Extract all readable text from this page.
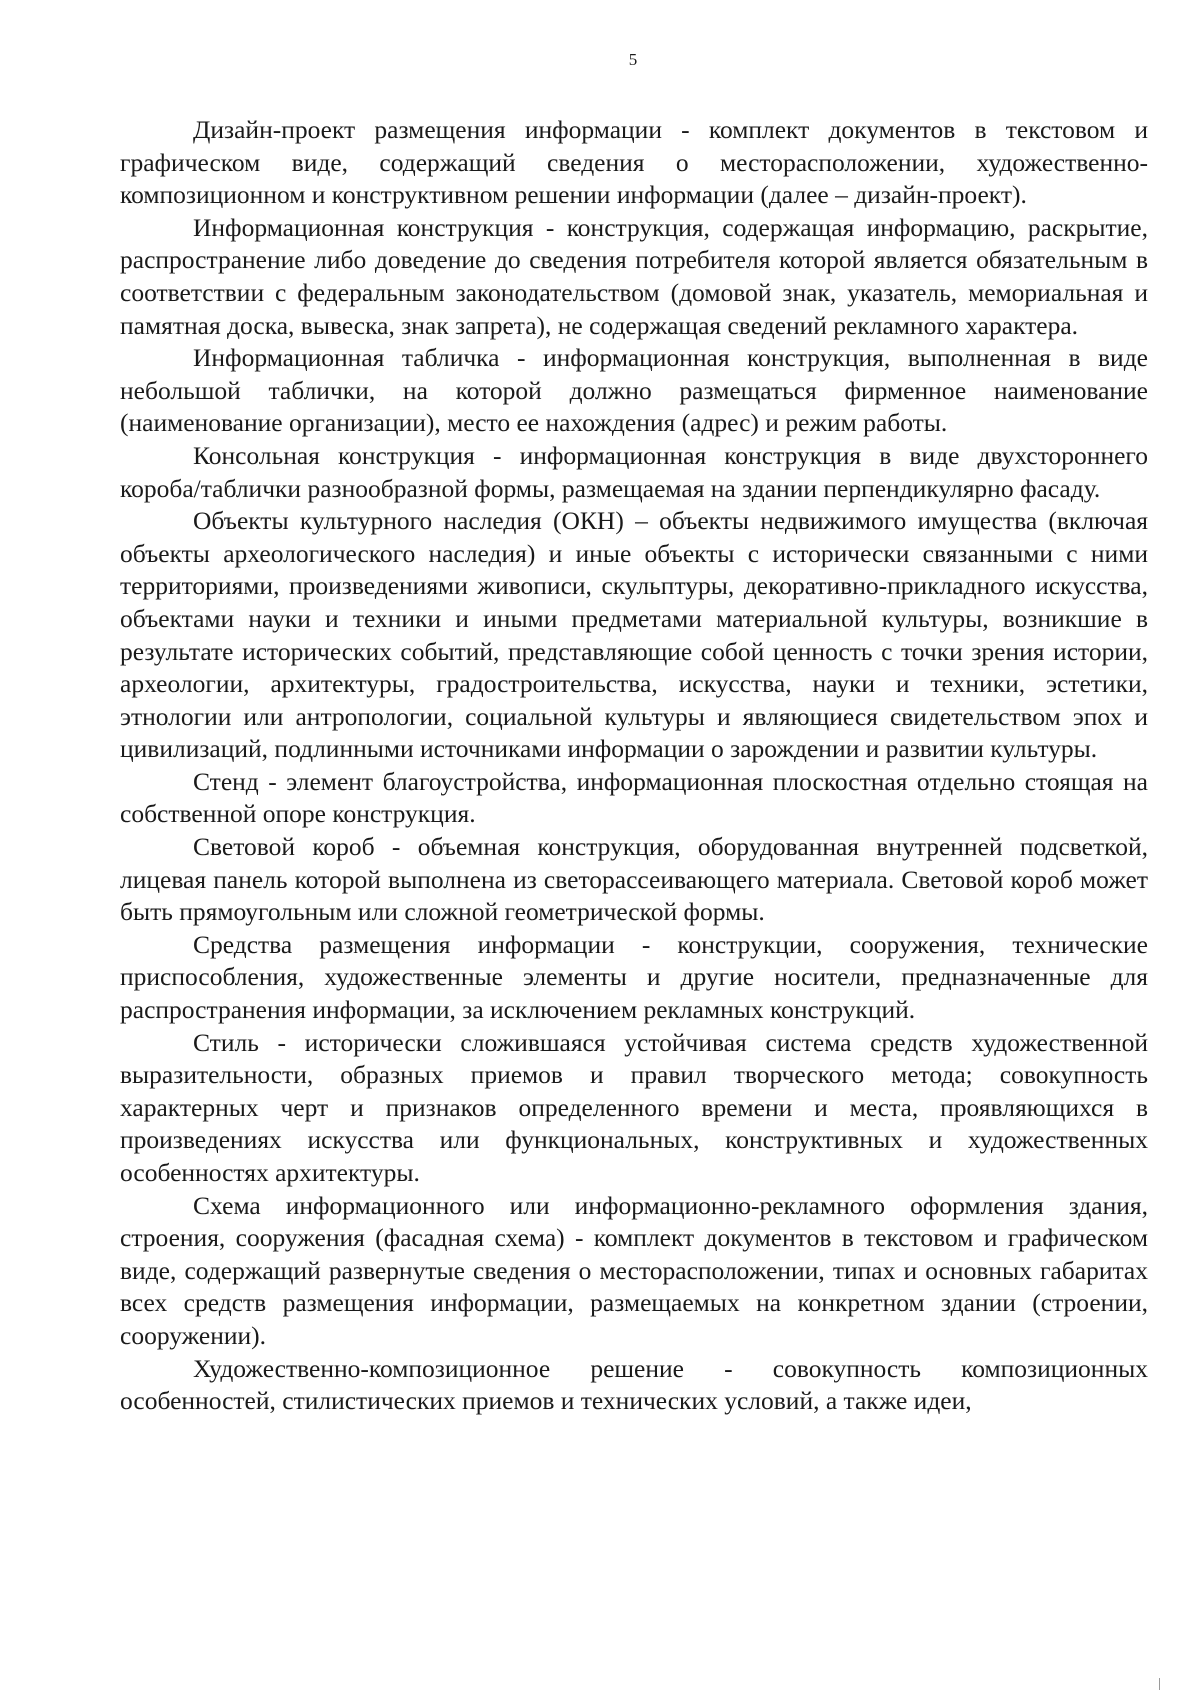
5

Дизайн-проект размещения информации - комплект документов в текстовом и графическом виде, содержащий сведения о месторасположении, художественно-композиционном и конструктивном решении информации (далее – дизайн-проект).

Информационная конструкция - конструкция, содержащая информацию, раскрытие, распространение либо доведение до сведения потребителя которой является обязательным в соответствии с федеральным законодательством (домовой знак, указатель, мемориальная и памятная доска, вывеска, знак запрета), не содержащая сведений рекламного характера.

Информационная табличка - информационная конструкция, выполненная в виде небольшой таблички, на которой должно размещаться фирменное наименование (наименование организации), место ее нахождения (адрес) и режим работы.

Консольная конструкция - информационная конструкция в виде двухстороннего короба/таблички разнообразной формы, размещаемая на здании перпендикулярно фасаду.

Объекты культурного наследия (ОКН) – объекты недвижимого имущества (включая объекты археологического наследия) и иные объекты с исторически связанными с ними территориями, произведениями живописи, скульптуры, декоративно-прикладного искусства, объектами науки и техники и иными предметами материальной культуры, возникшие в результате исторических событий, представляющие собой ценность с точки зрения истории, археологии, архитектуры, градостроительства, искусства, науки и техники, эстетики, этнологии или антропологии, социальной культуры и являющиеся свидетельством эпох и цивилизаций, подлинными источниками информации о зарождении и развитии культуры.

Стенд - элемент благоустройства, информационная плоскостная отдельно стоящая на собственной опоре конструкция.

Световой короб - объемная конструкция, оборудованная внутренней подсветкой, лицевая панель которой выполнена из светорассеивающего материала. Световой короб может быть прямоугольным или сложной геометрической формы.

Средства размещения информации - конструкции, сооружения, технические приспособления, художественные элементы и другие носители, предназначенные для распространения информации, за исключением рекламных конструкций.

Стиль - исторически сложившаяся устойчивая система средств художественной выразительности, образных приемов и правил творческого метода; совокупность характерных черт и признаков определенного времени и места, проявляющихся в произведениях искусства или функциональных, конструктивных и художественных особенностях архитектуры.

Схема информационного или информационно-рекламного оформления здания, строения, сооружения (фасадная схема) - комплект документов в текстовом и графическом виде, содержащий развернутые сведения о месторасположении, типах и основных габаритах всех средств размещения информации, размещаемых на конкретном здании (строении, сооружении).

Художественно-композиционное решение - совокупность композиционных особенностей, стилистических приемов и технических условий, а также идеи,
